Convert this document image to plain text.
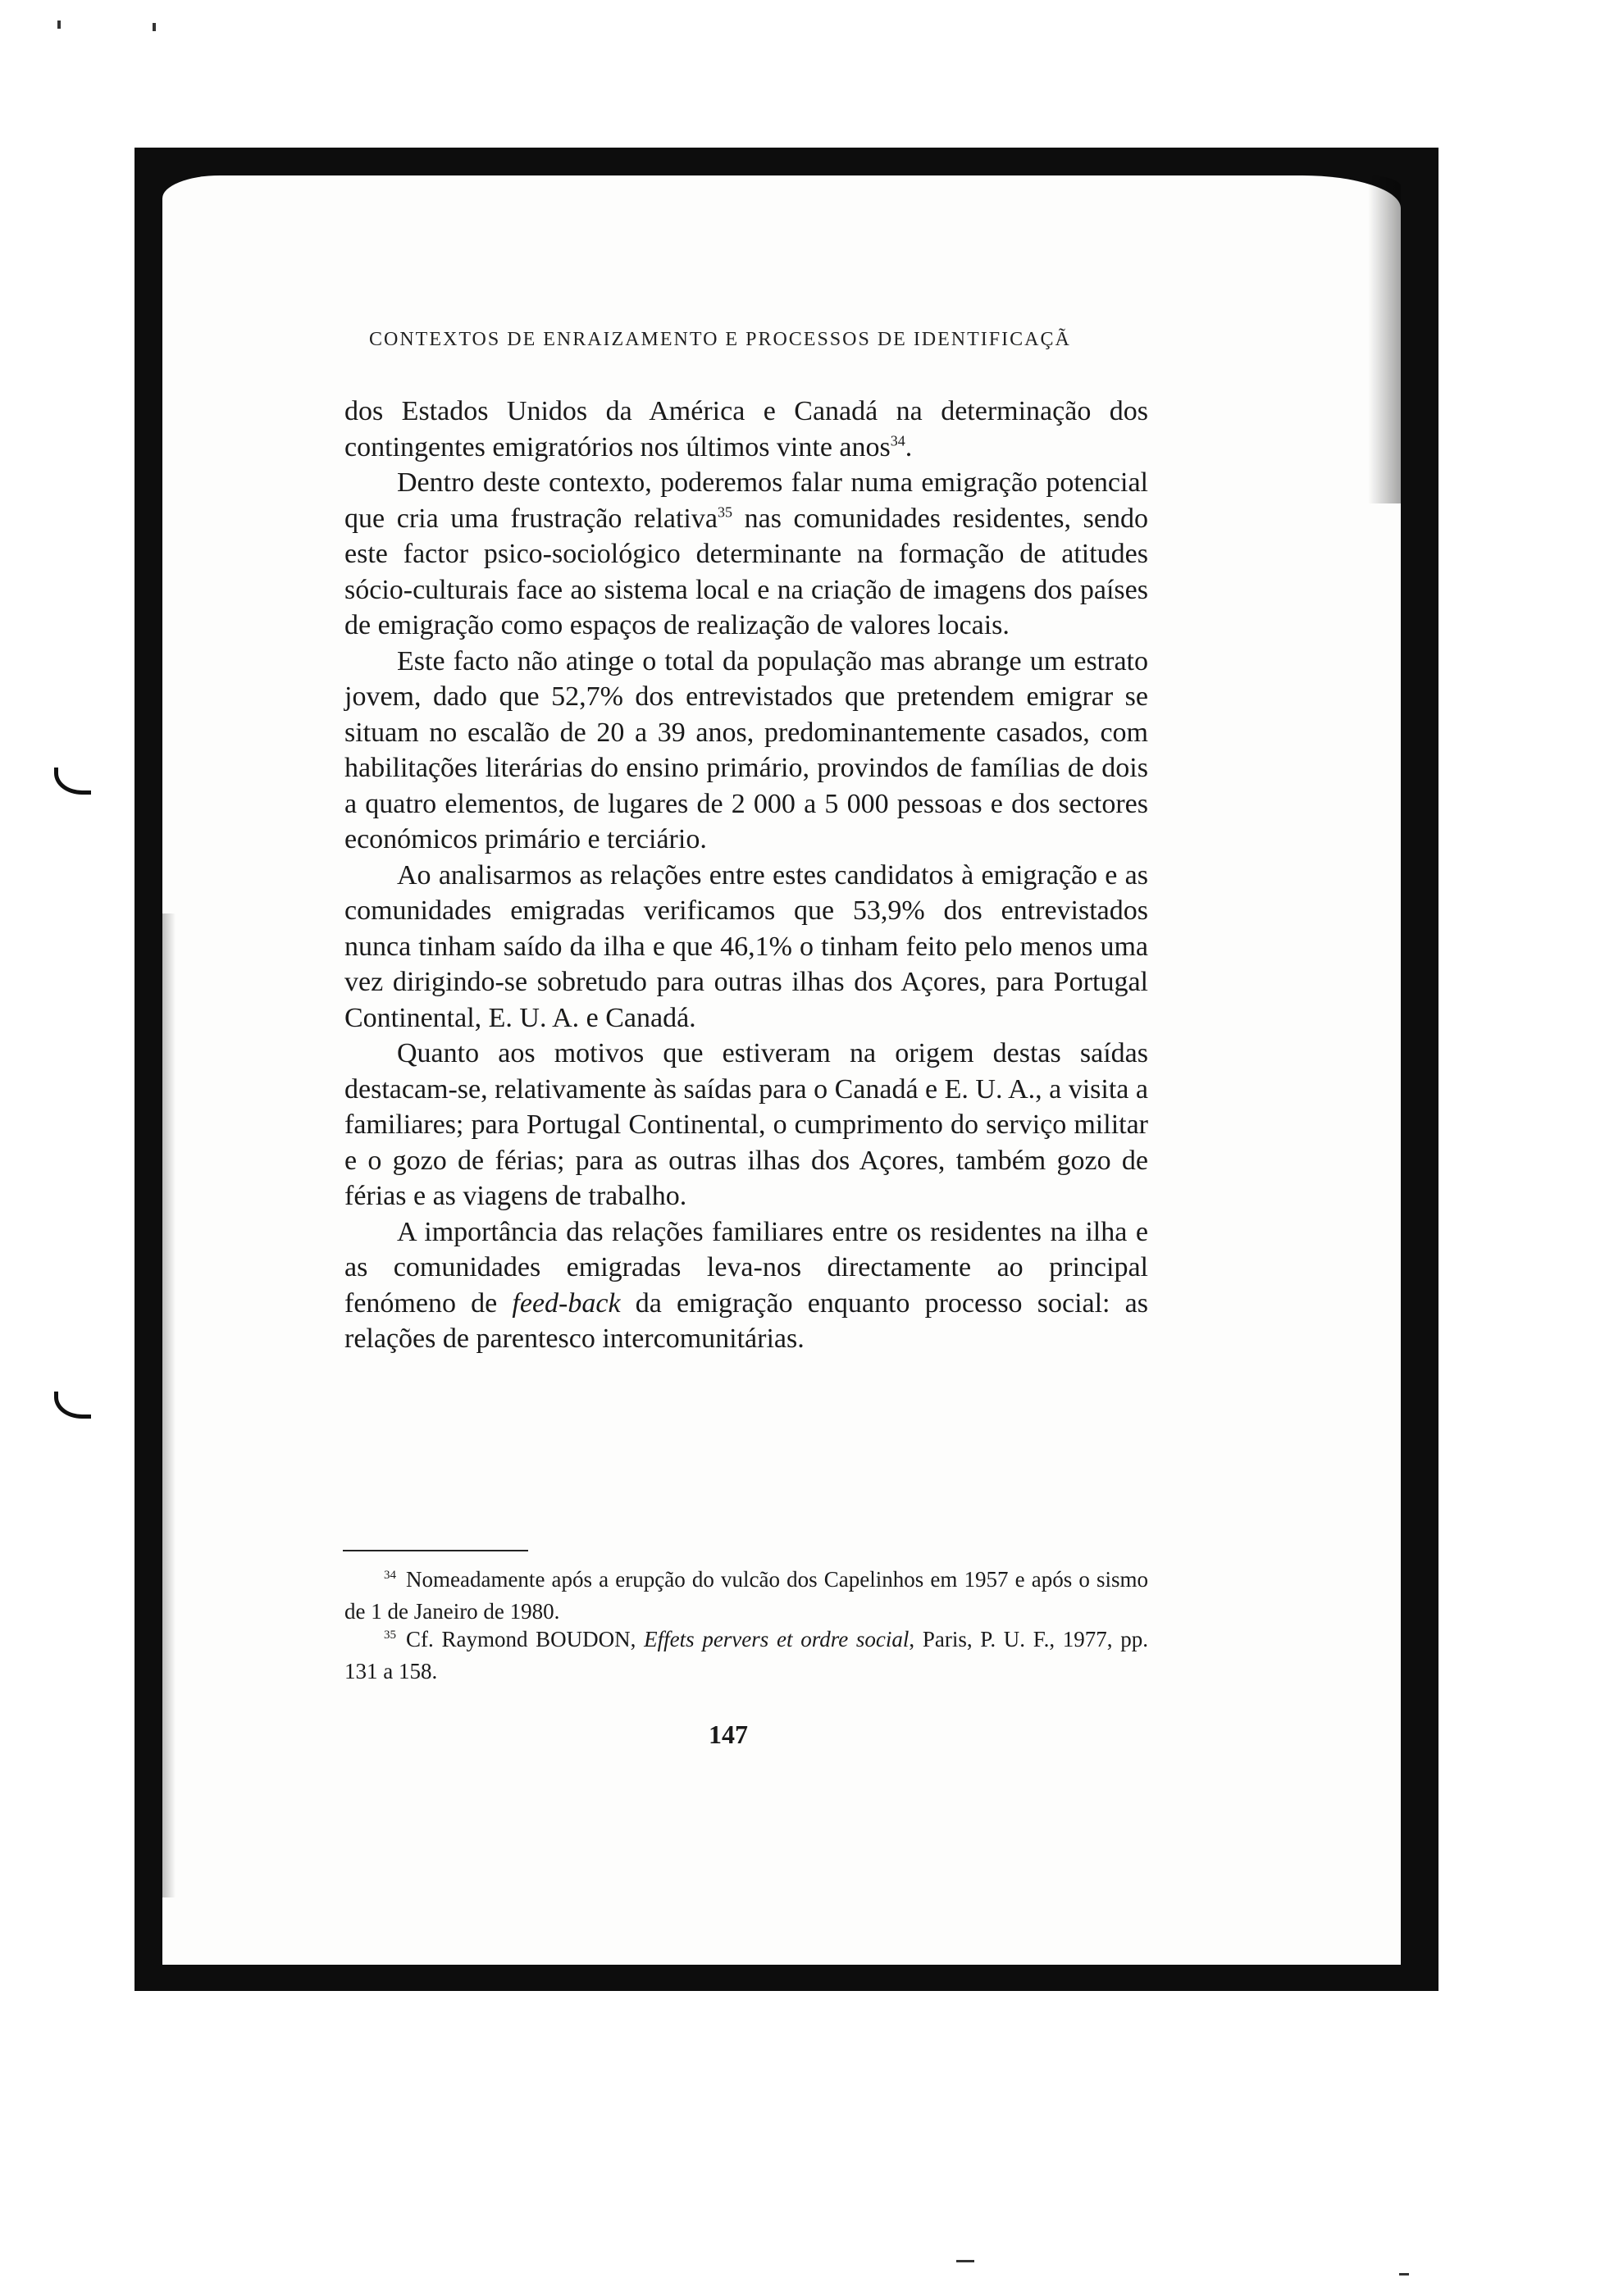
CONTEXTOS DE ENRAIZAMENTO E PROCESSOS DE IDENTIFICAÇÃ

dos Estados Unidos da América e Canadá na determinação dos contingentes emigratórios nos últimos vinte anos$^{34}$.

Dentro deste contexto, poderemos falar numa emigração potencial que cria uma frustração relativa$^{35}$ nas comunidades residentes, sendo este factor psico-sociológico determinante na formação de atitudes sócio-culturais face ao sistema local e na criação de imagens dos países de emigração como espaços de realização de valores locais.

Este facto não atinge o total da população mas abrange um estrato jovem, dado que 52,7% dos entrevistados que pretendem emigrar se situam no escalão de 20 a 39 anos, predominantemente casados, com habilitações literárias do ensino primário, provindos de famílias de dois a quatro elementos, de lugares de 2 000 a 5 000 pessoas e dos sectores económicos primário e terciário.

Ao analisarmos as relações entre estes candidatos à emigração e as comunidades emigradas verificamos que 53,9% dos entrevistados nunca tinham saído da ilha e que 46,1% o tinham feito pelo menos uma vez dirigindo-se sobretudo para outras ilhas dos Açores, para Portugal Continental, E. U. A. e Canadá.

Quanto aos motivos que estiveram na origem destas saídas destacam-se, relativamente às saídas para o Canadá e E. U. A., a visita a familiares; para Portugal Continental, o cumprimento do serviço militar e o gozo de férias; para as outras ilhas dos Açores, também gozo de férias e as viagens de trabalho.

A importância das relações familiares entre os residentes na ilha e as comunidades emigradas leva-nos directamente ao principal fenómeno de feed-back da emigração enquanto processo social: as relações de parentesco intercomunitárias.

$^{34}$ Nomeadamente após a erupção do vulcão dos Capelinhos em 1957 e após o sismo de 1 de Janeiro de 1980.

$^{35}$ Cf. Raymond BOUDON, Effets pervers et ordre social, Paris, P. U. F., 1977, pp. 131 a 158.

147
